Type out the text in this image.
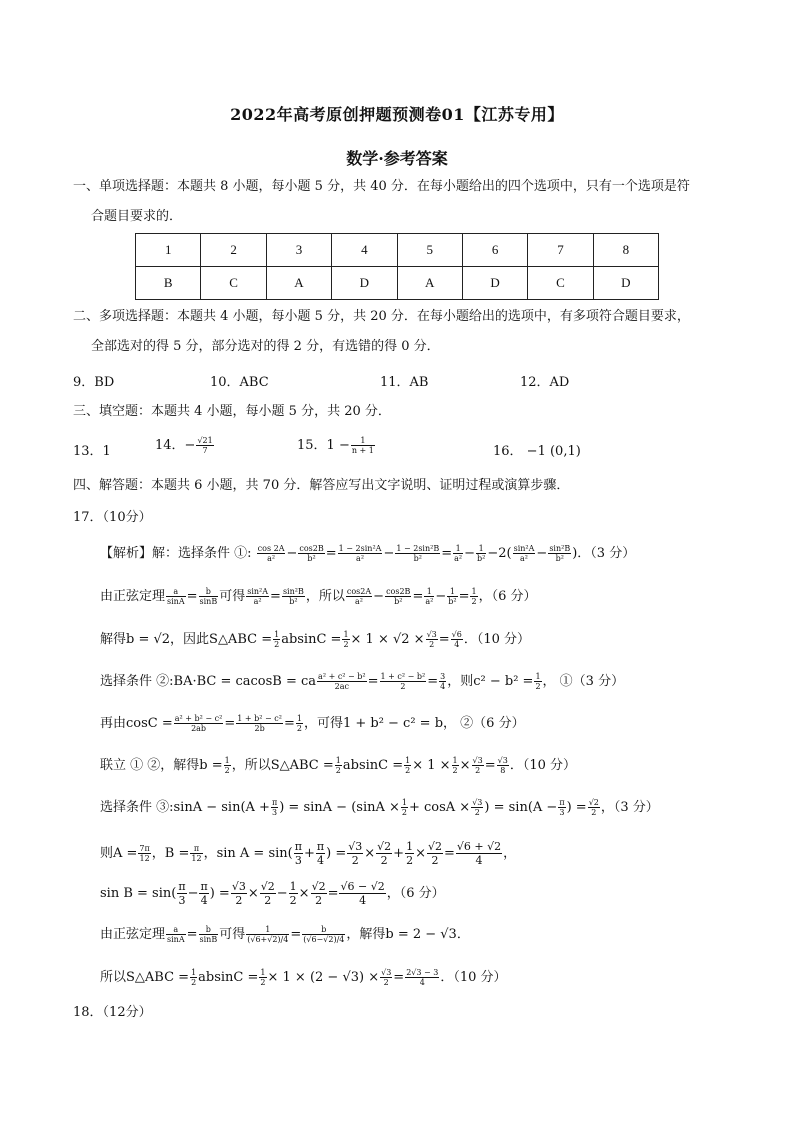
2022年高考原创押题预测卷01【江苏专用】
数学·参考答案
一、单项选择题：本题共 8 小题，每小题 5 分，共 40 分．在每小题给出的四个选项中，只有一个选项是符
合题目要求的．
1	2	3	4	5	6	7	8
B	C	A	D	A	D	C	D
二、多项选择题：本题共 4 小题，每小题 5 分，共 20 分．在每小题给出的选项中，有多项符合题目要求，
全部选对的得 5 分，部分选对的得 2 分，有选错的得 0 分．
9．BD	10．ABC	11．AB	12．AD
三、填空题：本题共 4 小题，每小题 5 分，共 20 分．
13．1	14．− $\frac{√21}{7}$	15．$1 - \frac{1}{n + 1}$	16． −1 (0,1)
四、解答题：本题共 6 小题，共 70 分．解答应写出文字说明、证明过程或演算步骤．
17．（10分）
【解析】解：选择条件 ①: $\frac{\cos 2A}{\text{a²}} - \frac{\cos 2B}{\text{b²}} = \frac{\text{1 − 2sin²A}}{\text{a²}} - \frac{\text{1 − 2sin²B}}{\text{b²}} = \frac{1}{\text{a²}} - \frac{1}{\text{b²}} -2( \frac{\text{sin²A}}{\text{a²}} - \frac{\text{sin²B}}{\text{b²}}$ )．（3 分）
由正弦定理 $\frac{a}{\sin A} = \frac{b}{\sin B}$ 可得 $\frac{\text{sin²A}}{\text{a²}} = \frac{\text{sin²B}}{\text{b²}}$ ，所以 $\frac{\cos 2A}{\text{a²}} - \frac{\cos 2B}{\text{b²}} = \frac{1}{\text{a²}} - \frac{1}{\text{b²}} = \frac{1}{2}$ ，（6 分）
解得b = √2，因此S△ABC = $\frac{1}{2}$ $absinC = \frac{1}{2} \times 1 \times √2 \times \frac{√3}{2} = \frac{√6}{4}$ ．（10 分）
选择条件 ②:BA·BC = cacosB = ca $\frac{\text{a² + c² − b²}}{2ac} = \frac{\text{1 + c² − b²}}{2} = \frac{3}{4}$ ，则$c^2 - b^2 = \frac{1}{2}$ ， ①（3 分）
再由$\cos C = \frac{\text{a² + b² − c²}}{2ab} = \frac{\text{1 + b² − c²}}{2b} = \frac{1}{2}$ ，可得1 + b² − c² = b， ②（6 分）
联立 ① ②，解得$b = \frac{1}{2}$ ，所以S△ABC = $\frac{1}{2}$ $absinC = \frac{1}{2} \times 1 \times \frac{1}{2} \times \frac{√3}{2} = \frac{√3}{8}$ ．（10 分）
选择条件 ③:sinA − $\sin(A + \frac{\pi}{3}$ ) = $\sin A - (\sin A \times \frac{1}{2} + \cos A \times \frac{√3}{2}$ ) = $\sin(A - \frac{\pi}{3}$ ) = $\frac{√2}{2}$ ，（3 分）
则$A = \frac{7\pi}{12}$ ，$B = \frac{\pi}{12}$ ，$\sin A = \sin( \frac{\pi}{3} + \frac{\pi}{4}$ ) = $\frac{√3}{2} \times \frac{√2}{2} + \frac{1}{2} \times \frac{√2}{2} = \frac{√6 + √2}{4}$ ，
$\sin B = \sin( \frac{\pi}{3} - \frac{\pi}{4}$ ) = $\frac{√3}{2} \times \frac{√2}{2} - \frac{1}{2} \times \frac{√2}{2} = \frac{√6 - √2}{4}$ ，（6 分）
由正弦定理 $\frac{a}{\sin A} = \frac{b}{\sin B}$ 可得 $\frac{1}{(√6+√2)/4} = \frac{b}{(√6-√2)/4}$ ，解得b = 2 − √3．
所以S△ABC = $\frac{1}{2}$ $absinC = \frac{1}{2} \times 1 \times (2 - √3) \times \frac{√3}{2} = \frac{2√3 - 3}{4}$ ．（10 分）
18．（12分）
